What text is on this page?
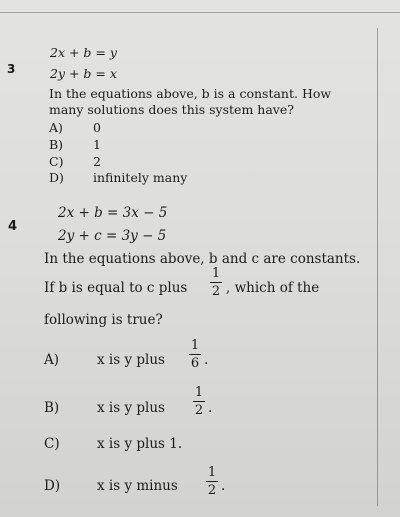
3
2x + b = y
2y + b = x
In the equations above, b is a constant. How
many solutions does this system have?
A) 0
B) 1
C) 2
D) infinitely many
4
2x + b = 3x − 5
2y + c = 3y − 5
In the equations above, b and c are constants.
If b is equal to c plus
1
2 , which of the
following is true?
A)	x is y plus
1
6 .
B)	x is y plus
1
2 .
C)	x is y plus 1.
D)	x is y minus
1
2 .
